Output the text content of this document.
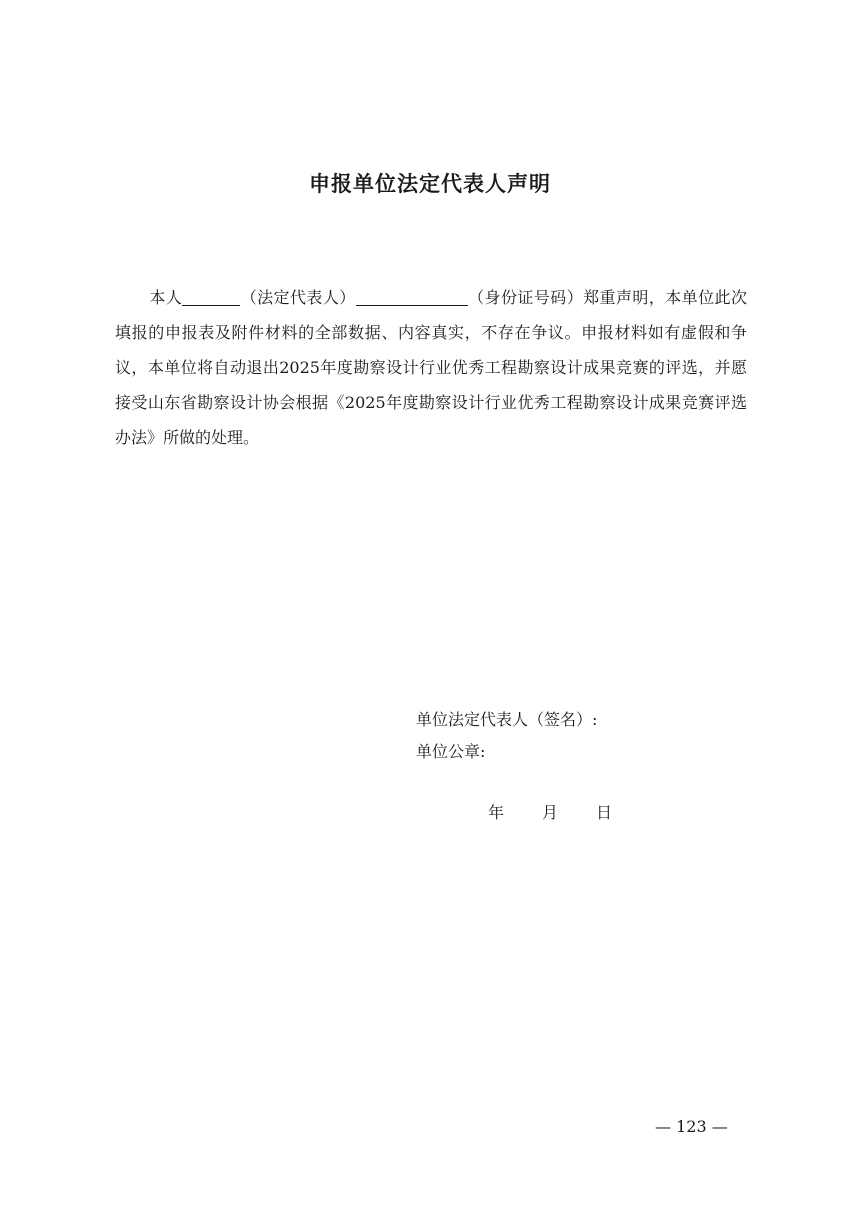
申报单位法定代表人声明

本人	（法定代表人）	（身份证号码）郑重声明，本单位此次填报的申报表及附件材料的全部数据、内容真实，不存在争议。申报材料如有虚假和争议，本单位将自动退出2025年度勘察设计行业优秀工程勘察设计成果竞赛的评选，并愿接受山东省勘察设计协会根据《2025年度勘察设计行业优秀工程勘察设计成果竞赛评选办法》所做的处理。

单位法定代表人（签名）:
单位公章:
年 月 日
— 123 —
